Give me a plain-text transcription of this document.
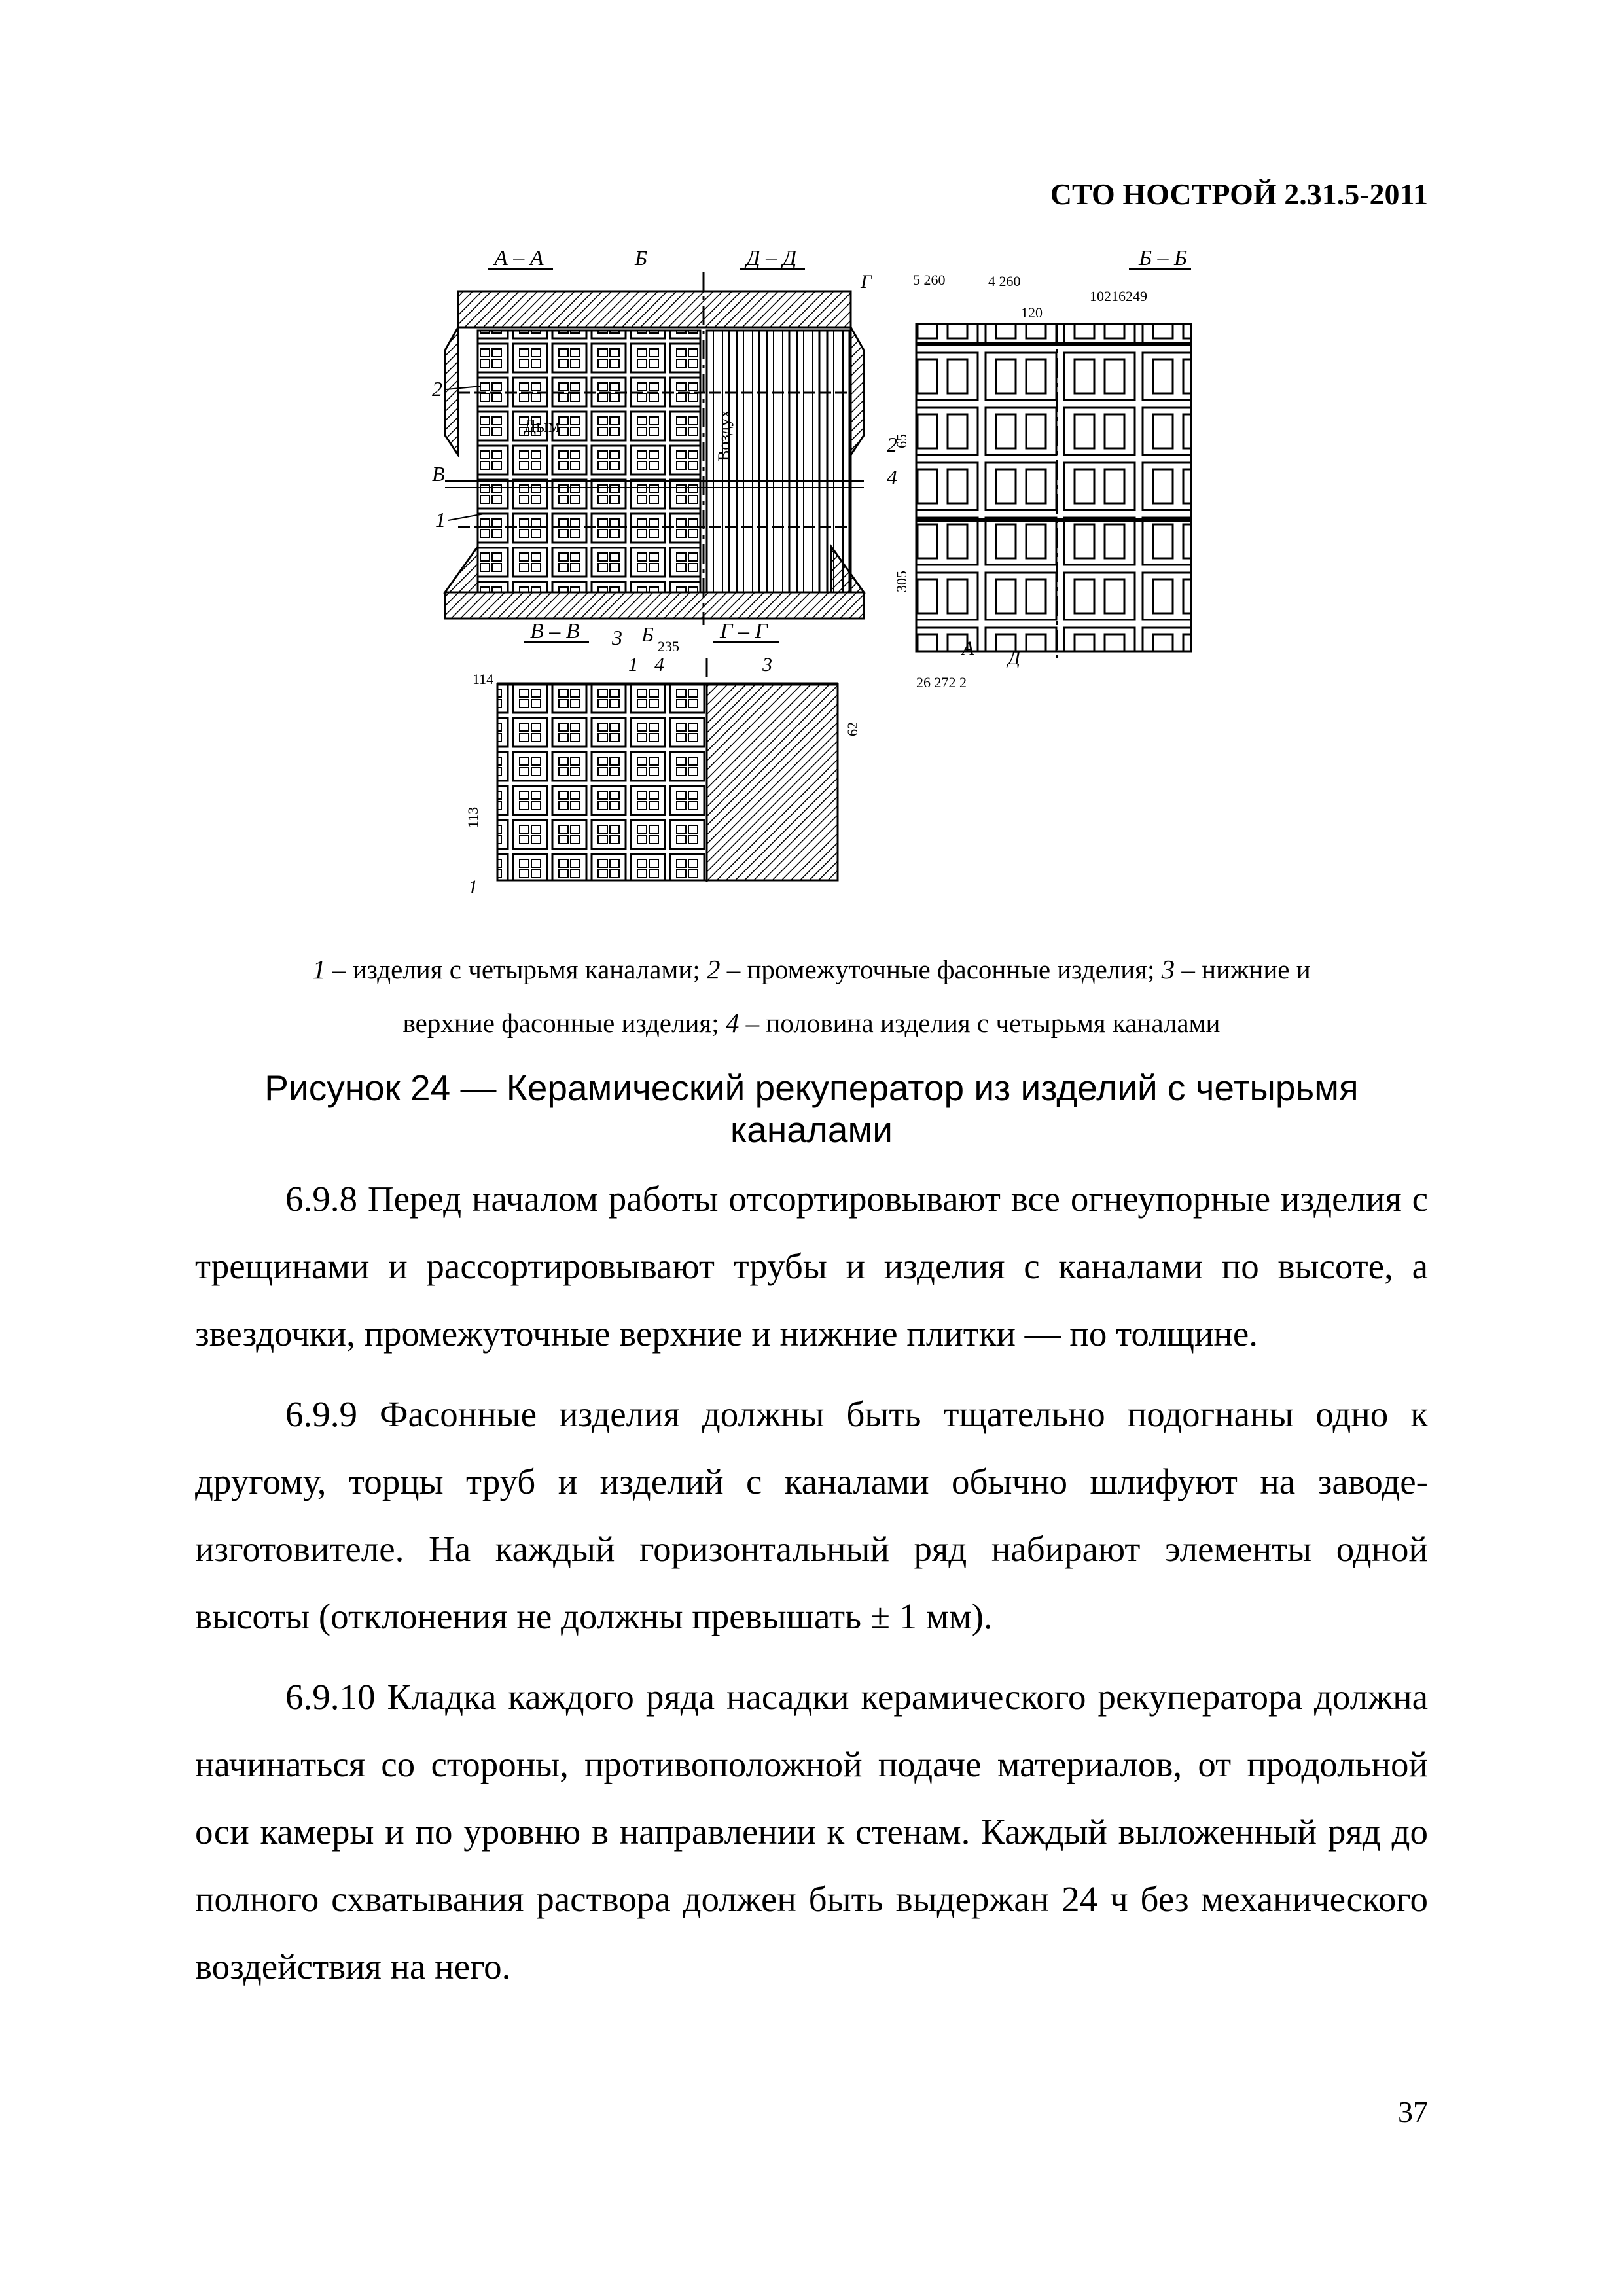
СТО НОСТРОЙ 2.31.5-2011
А – А	Б	Д – Д
Г
Дым	Воздух
2
В
1
3 Б
235
Б – Б
5 260	4 260
120
10216249
65
305
2
4
А Д
26 272 2
В – В	Г – Г
1 4	3
114
113
62
1
1 – изделия с четырьмя каналами; 2 – промежуточные фасонные изделия; 3 – нижние и
верхние фасонные изделия; 4 – половина изделия с четырьмя каналами
Рисунок 24 — Керамический рекуператор из изделий с четырьмя каналами

6.9.8 Перед началом работы отсортировывают все огнеупорные изделия с трещинами и рассортировывают трубы и изделия с каналами по высоте, а звездочки, промежуточные верхние и нижние плитки — по толщине.

6.9.9 Фасонные изделия должны быть тщательно подогнаны одно к другому, торцы труб и изделий с каналами обычно шлифуют на заводе-изготовителе. На каждый горизонтальный ряд набирают элементы одной высоты (отклонения не должны превышать ± 1 мм).

6.9.10 Кладка каждого ряда насадки керамического рекуператора должна начинаться со стороны, противоположной подаче материалов, от продольной оси камеры и по уровню в направлении к стенам. Каждый выложенный ряд до полного схватывания раствора должен быть выдержан 24 ч без механического воздействия на него.

37
